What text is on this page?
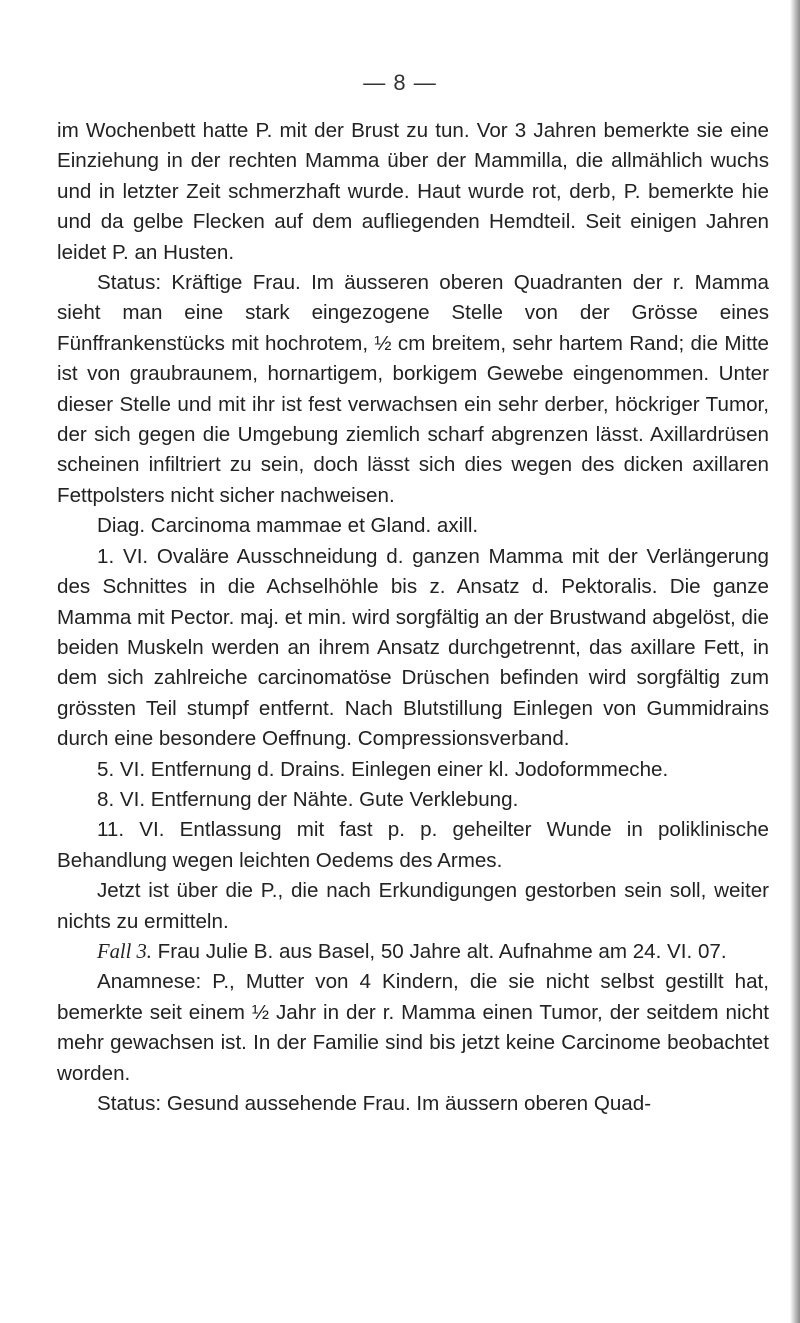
— 8 —

im Wochenbett hatte P. mit der Brust zu tun. Vor 3 Jahren bemerkte sie eine Einziehung in der rechten Mamma über der Mammilla, die allmählich wuchs und in letzter Zeit schmerzhaft wurde. Haut wurde rot, derb, P. bemerkte hie und da gelbe Flecken auf dem aufliegenden Hemdteil. Seit einigen Jahren leidet P. an Husten.

Status: Kräftige Frau. Im äusseren oberen Quadranten der r. Mamma sieht man eine stark eingezogene Stelle von der Grösse eines Fünffrankenstücks mit hochrotem, ½ cm breitem, sehr hartem Rand; die Mitte ist von graubraunem, hornartigem, borkigem Gewebe eingenommen. Unter dieser Stelle und mit ihr ist fest verwachsen ein sehr derber, höckriger Tumor, der sich gegen die Umgebung ziemlich scharf abgrenzen lässt. Axillardrüsen scheinen infiltriert zu sein, doch lässt sich dies wegen des dicken axillaren Fettpolsters nicht sicher nachweisen.

Diag. Carcinoma mammae et Gland. axill.

1. VI. Ovaläre Ausschneidung d. ganzen Mamma mit der Verlängerung des Schnittes in die Achselhöhle bis z. Ansatz d. Pektoralis. Die ganze Mamma mit Pector. maj. et min. wird sorgfältig an der Brustwand abgelöst, die beiden Muskeln werden an ihrem Ansatz durchgetrennt, das axillare Fett, in dem sich zahlreiche carcinomatöse Drüschen befinden wird sorgfältig zum grössten Teil stumpf entfernt. Nach Blutstillung Einlegen von Gummidrains durch eine besondere Oeffnung. Compressionsverband.

5. VI. Entfernung d. Drains. Einlegen einer kl. Jodoformmeche.

8. VI. Entfernung der Nähte. Gute Verklebung.

11. VI. Entlassung mit fast p. p. geheilter Wunde in poliklinische Behandlung wegen leichten Oedems des Armes.

Jetzt ist über die P., die nach Erkundigungen gestorben sein soll, weiter nichts zu ermitteln.

Fall 3. Frau Julie B. aus Basel, 50 Jahre alt. Aufnahme am 24. VI. 07.

Anamnese: P., Mutter von 4 Kindern, die sie nicht selbst gestillt hat, bemerkte seit einem ½ Jahr in der r. Mamma einen Tumor, der seitdem nicht mehr gewachsen ist. In der Familie sind bis jetzt keine Carcinome beobachtet worden.

Status: Gesund aussehende Frau. Im äussern oberen Quad-
